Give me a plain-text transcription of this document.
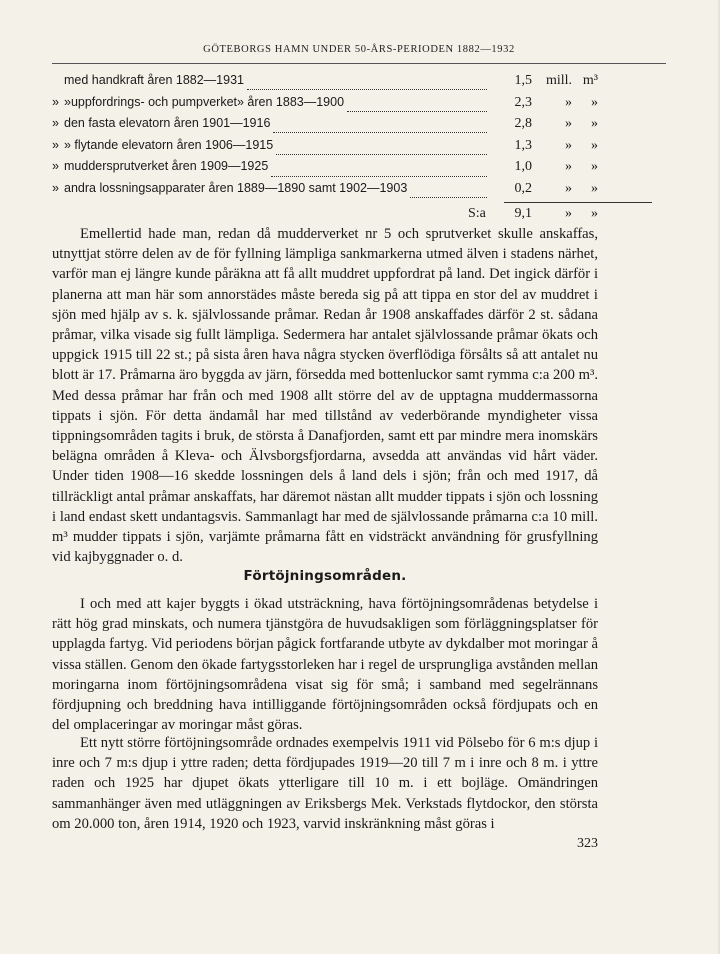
GÖTEBORGS HAMN UNDER 50-ÅRS-PERIODEN 1882—1932
med handkraft åren 1882—1931	1,5 mill. m³
» »uppfordrings- och pumpverket» åren 1883—1900	2,3	»	»
» den fasta elevatorn åren 1901—1916	2,8	»	»
» » flytande elevatorn åren 1906—1915	1,3	»	»
» muddersprutverket åren 1909—1925	1,0	»	»
» andra lossningsapparater åren 1889—1890 samt 1902—1903	0,2	»	»
S:a	9,1	»	»

Emellertid hade man, redan då mudderverket nr 5 och sprutverket skulle anskaffas, utnyttjat större delen av de för fyllning lämpliga sankmarkerna utmed älven i stadens närhet, varför man ej längre kunde påräkna att få allt muddret uppfordrat på land. Det ingick därför i planerna att man här som annorstädes måste bereda sig på att tippa en stor del av muddret i sjön med hjälp av s. k. självlossande pråmar. Redan år 1908 anskaffades därför 2 st. sådana pråmar, vilka visade sig fullt lämpliga. Sedermera har antalet självlossande pråmar ökats och uppgick 1915 till 22 st.; på sista åren hava några stycken överflödiga försålts så att antalet nu blott är 17. Pråmarna äro byggda av järn, försedda med bottenluckor samt rymma c:a 200 m³. Med dessa pråmar har från och med 1908 allt större del av de upptagna muddermassorna tippats i sjön. För detta ändamål har med tillstånd av vederbörande myndigheter vissa tippningsområden tagits i bruk, de största å Danafjorden, samt ett par mindre mera inomskärs belägna områden å Kleva- och Älvsborgsfjordarna, avsedda att användas vid hårt väder. Under tiden 1908—16 skedde lossningen dels å land dels i sjön; från och med 1917, då tillräckligt antal pråmar anskaffats, har däremot nästan allt mudder tippats i sjön och lossning i land endast skett undantagsvis. Sammanlagt har med de självlossande pråmarna c:a 10 mill. m³ mudder tippats i sjön, varjämte pråmarna fått en vidsträckt användning för grusfyllning vid kajbyggnader o. d.

Förtöjningsområden.

I och med att kajer byggts i ökad utsträckning, hava förtöjningsområdenas betydelse i rätt hög grad minskats, och numera tjänstgöra de huvudsakligen som förläggningsplatser för upplagda fartyg. Vid periodens början pågick fortfarande utbyte av dykdalber mot moringar å vissa ställen. Genom den ökade fartygsstorleken har i regel de ursprungliga avstånden mellan moringarna inom förtöjningsområdena visat sig för små; i samband med segelrännans fördjupning och breddning hava intilliggande förtöjningsområden också fördjupats och en del omplaceringar av moringar måst göras.

Ett nytt större förtöjningsområde ordnades exempelvis 1911 vid Pölsebo för 6 m:s djup i inre och 7 m:s djup i yttre raden; detta fördjupades 1919—20 till 7 m i inre och 8 m. i yttre raden och 1925 har djupet ökats ytterligare till 10 m. i ett bojläge. Omändringen sammanhänger även med utläggningen av Eriksbergs Mek. Verkstads flytdockor, den största om 20.000 ton, åren 1914, 1920 och 1923, varvid inskränkning måst göras i

323
